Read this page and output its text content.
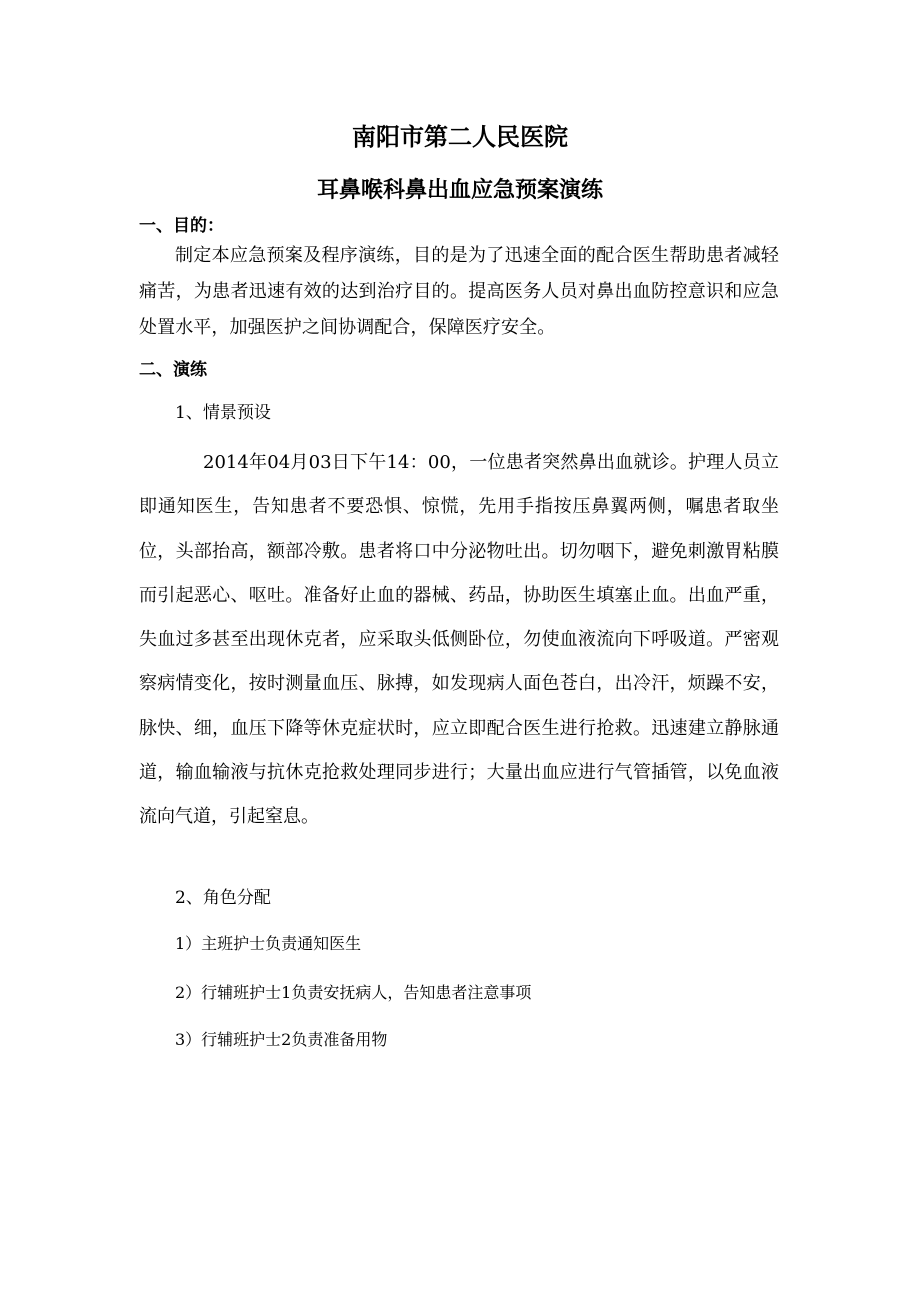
南阳市第二人民医院
耳鼻喉科鼻出血应急预案演练
一、目的：
制定本应急预案及程序演练，目的是为了迅速全面的配合医生帮助患者减轻痛苦，为患者迅速有效的达到治疗目的。提高医务人员对鼻出血防控意识和应急处置水平，加强医护之间协调配合，保障医疗安全。
二、演练
1、情景预设
2014年04月03日下午14：00，一位患者突然鼻出血就诊。护理人员立即通知医生，告知患者不要恐惧、惊慌，先用手指按压鼻翼两侧，嘱患者取坐位，头部抬高，额部冷敷。患者将口中分泌物吐出。切勿咽下，避免刺激胃粘膜而引起恶心、呕吐。准备好止血的器械、药品，协助医生填塞止血。出血严重，失血过多甚至出现休克者，应采取头低侧卧位，勿使血液流向下呼吸道。严密观察病情变化，按时测量血压、脉搏，如发现病人面色苍白，出冷汗，烦躁不安，脉快、细，血压下降等休克症状时，应立即配合医生进行抢救。迅速建立静脉通道，输血输液与抗休克抢救处理同步进行；大量出血应进行气管插管，以免血液流向气道，引起窒息。
2、角色分配
1）主班护士负责通知医生
2）行辅班护士1负责安抚病人，告知患者注意事项
3）行辅班护士2负责准备用物
